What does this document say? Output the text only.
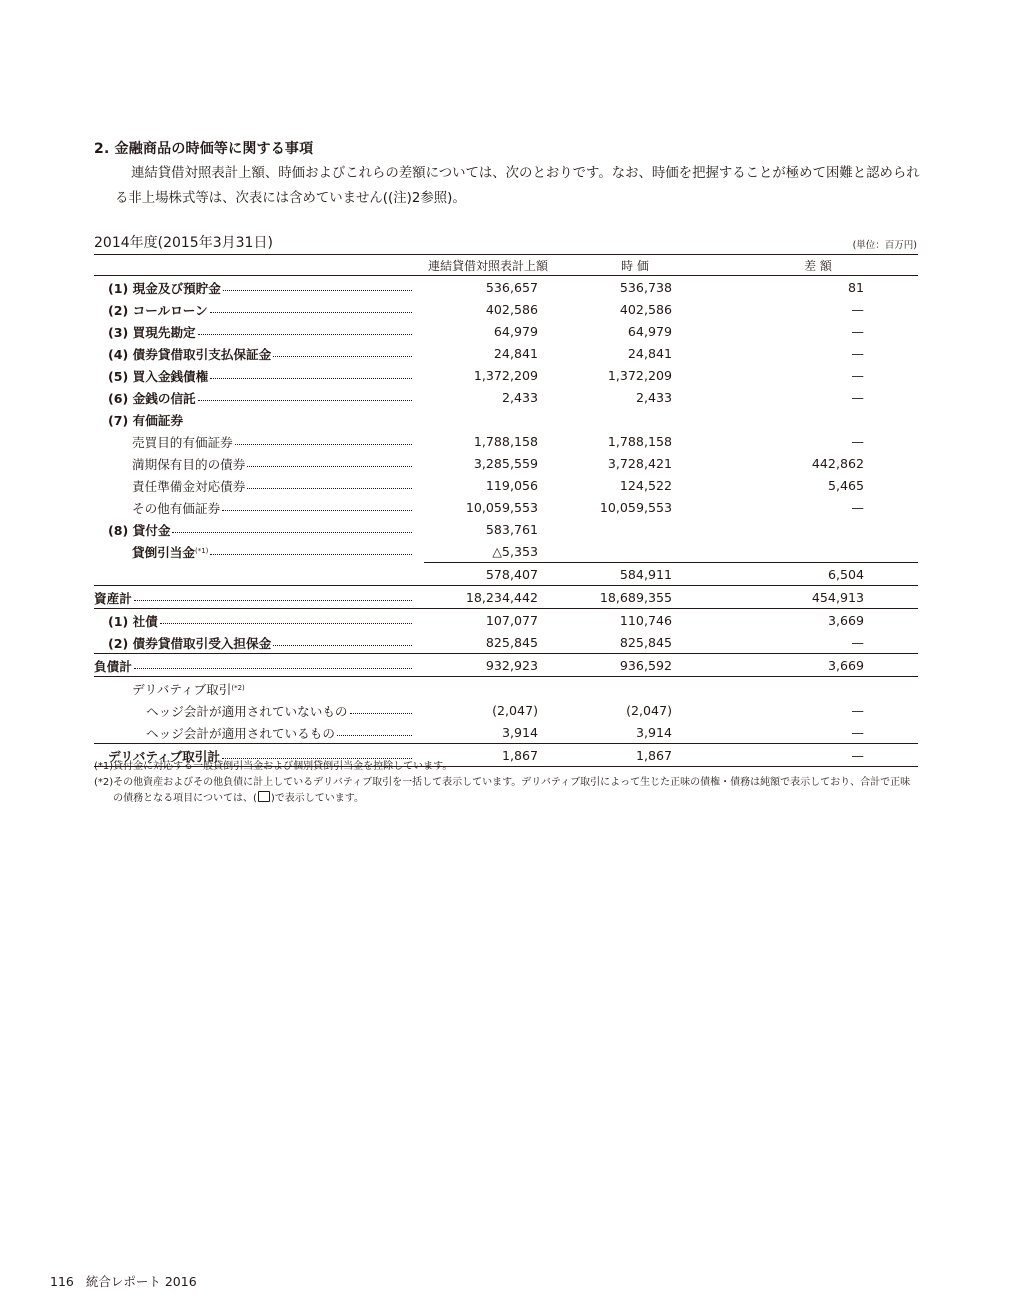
2. 金融商品の時価等に関する事項
連結貸借対照表計上額、時価およびこれらの差額については、次のとおりです。なお、時価を把握することが極めて困難と認められる非上場株式等は、次表には含めていません((注)2参照)。
2014年度(2015年3月31日)	(単位：百万円)
	連結貸借対照表計上額	時 価	差 額

(1) 現金及び預貯金	536,657	536,738	81

(2) コールローン	402,586	402,586	—

(3) 買現先勘定	64,979	64,979	—

(4) 債券貸借取引支払保証金	24,841	24,841	—

(5) 買入金銭債権	1,372,209	1,372,209	—

(6) 金銭の信託	2,433	2,433	—

(7) 有価証券			

売買目的有価証券	1,788,158	1,788,158	—

満期保有目的の債券	3,285,559	3,728,421	442,862

責任準備金対応債券	119,056	124,522	5,465

その他有価証券	10,059,553	10,059,553	—

(8) 貸付金	583,761		

貸倒引当金$^{(*1)}$	△5,353		

	578,407	584,911	6,504

資産計	18,234,442	18,689,355	454,913

(1) 社債	107,077	110,746	3,669

(2) 債券貸借取引受入担保金	825,845	825,845	—

負債計	932,923	936,592	3,669

デリバティブ取引$^{(*2)}$

ヘッジ会計が適用されていないもの	(2,047)	(2,047)	—

ヘッジ会計が適用されているもの	3,914	3,914	—

デリバティブ取引計	1,867	1,867	—
(*1) 貸付金に対応する一般貸倒引当金および個別貸倒引当金を控除しています。
(*2) その他資産およびその他負債に計上しているデリバティブ取引を一括して表示しています。デリバティブ取引によって生じた正味の債権・債務は純額で表示しており、合計で正味の債務となる項目については、( )で表示しています。
116 統合レポート 2016
